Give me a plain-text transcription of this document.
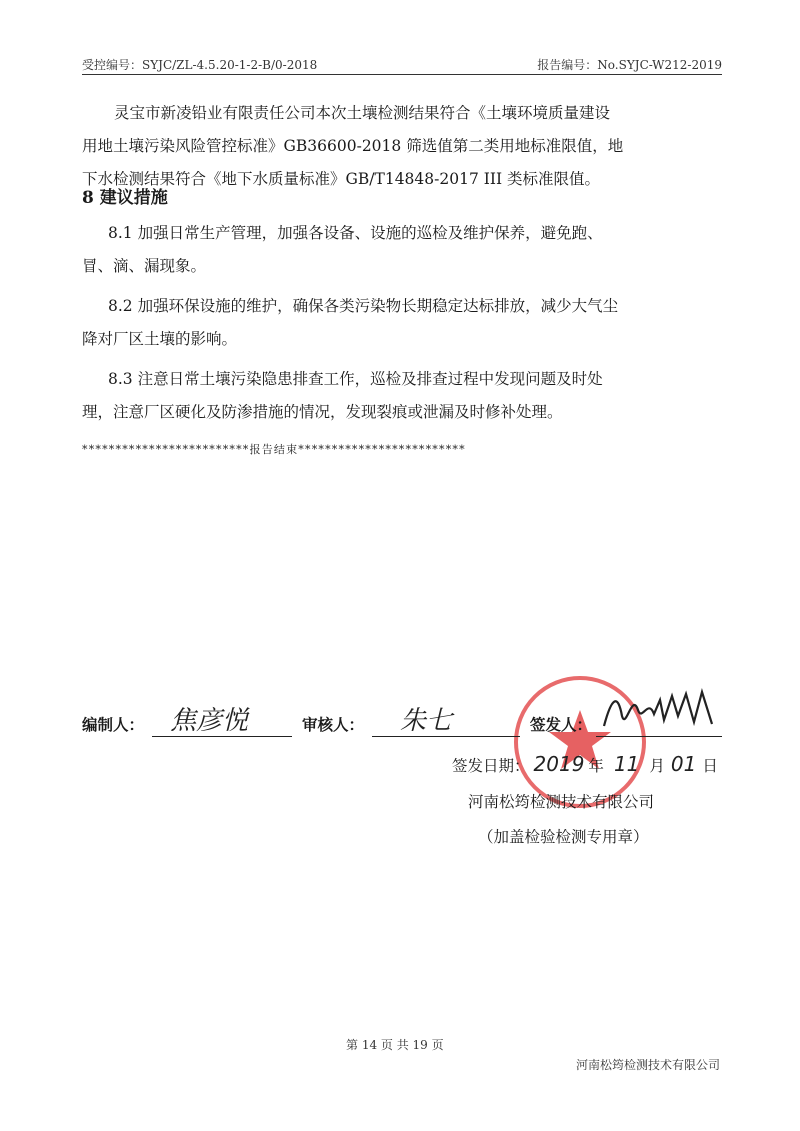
受控编号：SYJC/ZL-4.5.20-1-2-B/0-2018	报告编号：No.SYJC-W212-2019

灵宝市新凌铅业有限责任公司本次土壤检测结果符合《土壤环境质量建设

用地土壤污染风险管控标准》GB36600-2018 筛选值第二类用地标准限值，地

下水检测结果符合《地下水质量标准》GB/T14848-2017 III 类标准限值。

8 建议措施

8.1 加强日常生产管理，加强各设备、设施的巡检及维护保养，避免跑、

冒、滴、漏现象。

8.2 加强环保设施的维护，确保各类污染物长期稳定达标排放，减少大气尘

降对厂区土壤的影响。

8.3 注意日常土壤污染隐患排查工作，巡检及排查过程中发现问题及时处

理，注意厂区硬化及防渗措施的情况，发现裂痕或泄漏及时修补处理。

*************************报告结束*************************
编制人： 焦彦悦	审核人： 朱七	签发人：
签发日期： 2019 年 11 月 01 日
河南松筠检测技术有限公司
（加盖检验检测专用章）
第 14 页 共 19 页
河南松筠检测技术有限公司
